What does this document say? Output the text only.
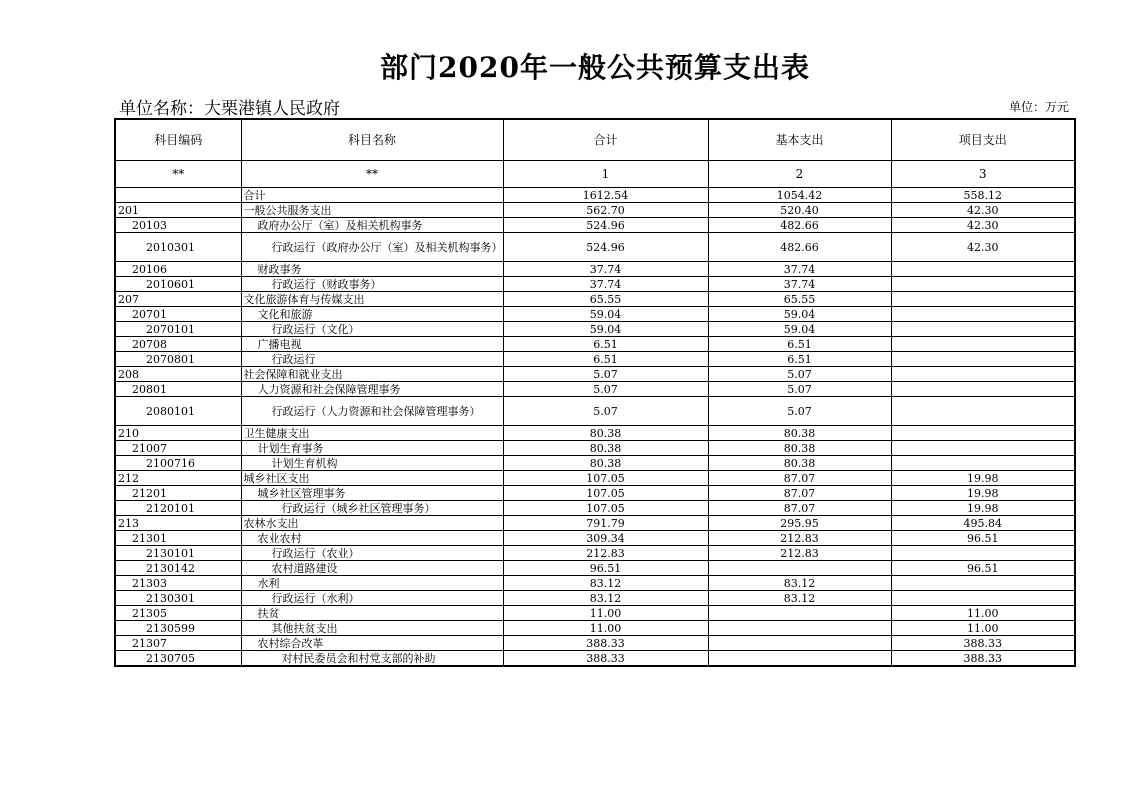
部门2020年一般公共预算支出表
单位名称：大栗港镇人民政府	单位：万元
科目编码	科目名称	合计	基本支出	项目支出
**	**	1	2	3
	合计	1612.54	1054.42	558.12
201	一般公共服务支出	562.70	520.40	42.30
20103	政府办公厅（室）及相关机构事务	524.96	482.66	42.30
2010301	行政运行（政府办公厅（室）及相关机构事务）	524.96	482.66	42.30
20106	财政事务	37.74	37.74	
2010601	行政运行（财政事务）	37.74	37.74	
207	文化旅游体育与传媒支出	65.55	65.55	
20701	文化和旅游	59.04	59.04	
2070101	行政运行（文化）	59.04	59.04	
20708	广播电视	6.51	6.51	
2070801	行政运行	6.51	6.51	
208	社会保障和就业支出	5.07	5.07	
20801	人力资源和社会保障管理事务	5.07	5.07	
2080101	行政运行（人力资源和社会保障管理事务）	5.07	5.07	
210	卫生健康支出	80.38	80.38	
21007	计划生育事务	80.38	80.38	
2100716	计划生育机构	80.38	80.38	
212	城乡社区支出	107.05	87.07	19.98
21201	城乡社区管理事务	107.05	87.07	19.98
2120101	行政运行（城乡社区管理事务）	107.05	87.07	19.98
213	农林水支出	791.79	295.95	495.84
21301	农业农村	309.34	212.83	96.51
2130101	行政运行（农业）	212.83	212.83	
2130142	农村道路建设	96.51		96.51
21303	水利	83.12	83.12	
2130301	行政运行（水利）	83.12	83.12	
21305	扶贫	11.00		11.00
2130599	其他扶贫支出	11.00		11.00
21307	农村综合改革	388.33		388.33
2130705	对村民委员会和村党支部的补助	388.33		388.33
